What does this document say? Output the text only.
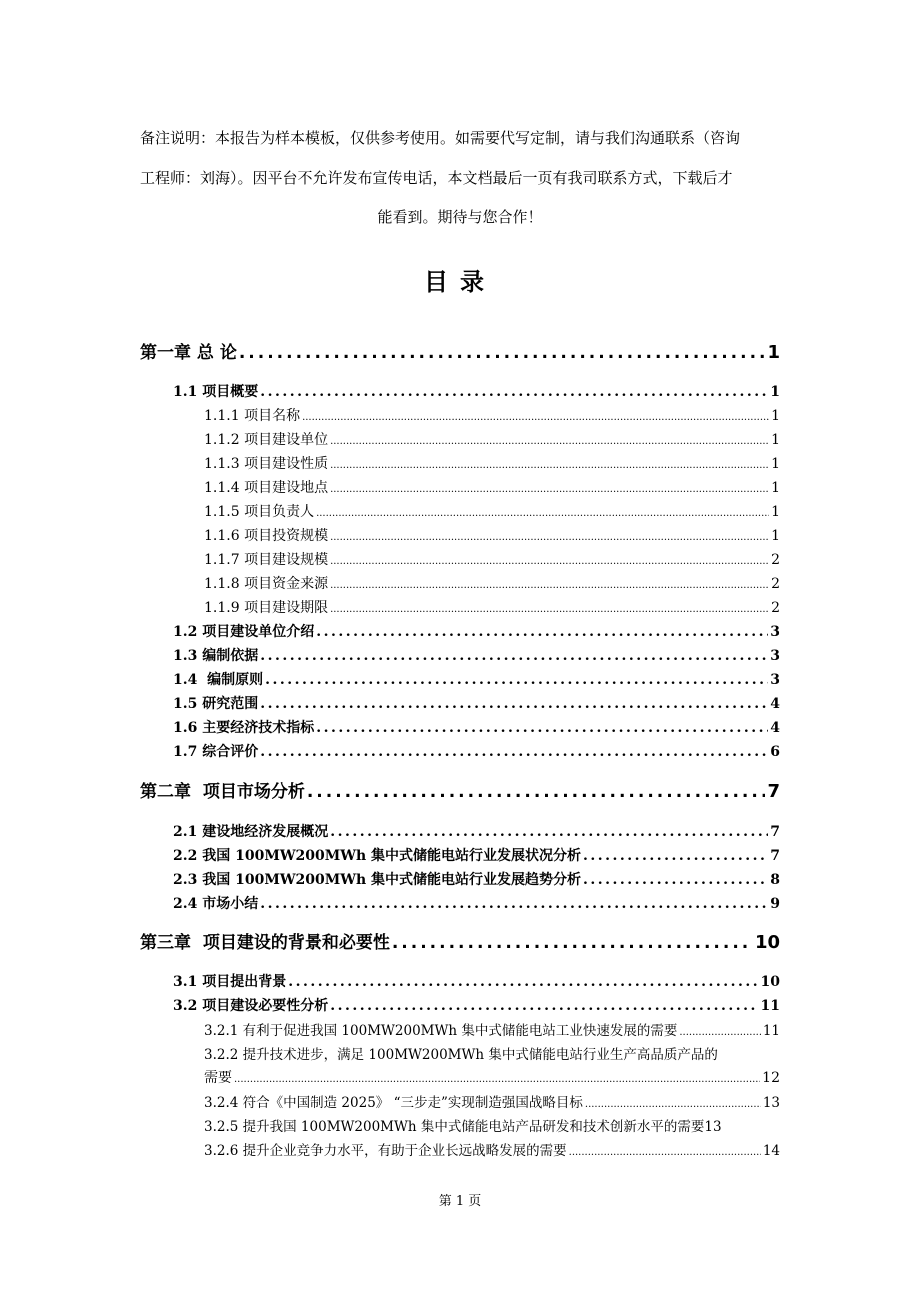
备注说明：本报告为样本模板，仅供参考使用。如需要代写定制，请与我们沟通联系（咨询
工程师：刘海）。因平台不允许发布宣传电话，本文档最后一页有我司联系方式，下载后才
能看到。期待与您合作！
目录
第一章 总 论 .....	1
1.1 项目概要 .....	1
1.1.1 项目名称 .....	1
1.1.2 项目建设单位 .....	1
1.1.3 项目建设性质 .....	1
1.1.4 项目建设地点 .....	1
1.1.5 项目负责人 .....	1
1.1.6 项目投资规模 .....	1
1.1.7 项目建设规模 .....	2
1.1.8 项目资金来源 .....	2
1.1.9 项目建设期限 .....	2
1.2 项目建设单位介绍 .....	3
1.3 编制依据 .....	3
1.4  编制原则 .....	3
1.5 研究范围 .....	4
1.6 主要经济技术指标 .....	4
1.7 综合评价 .....	6
第二章  项目市场分析 .....	7
2.1 建设地经济发展概况 .....	7
2.2 我国 100MW200MWh 集中式储能电站行业发展状况分析 .....	7
2.3 我国 100MW200MWh 集中式储能电站行业发展趋势分析 .....	8
2.4 市场小结 .....	9
第三章  项目建设的背景和必要性 .....	10
3.1 项目提出背景 .....	10
3.2 项目建设必要性分析 .....	11
3.2.1 有利于促进我国 100MW200MWh 集中式储能电站工业快速发展的需要 .....	11
3.2.2 提升技术进步，满足 100MW200MWh 集中式储能电站行业生产高品质产品的
需要 .....	12
3.2.4 符合《中国制造 2025》 “三步走”实现制造强国战略目标 .....	13
3.2.5 提升我国 100MW200MWh 集中式储能电站产品研发和技术创新水平的需要 13
3.2.6 提升企业竞争力水平，有助于企业长远战略发展的需要 .....	14
第 1 页
